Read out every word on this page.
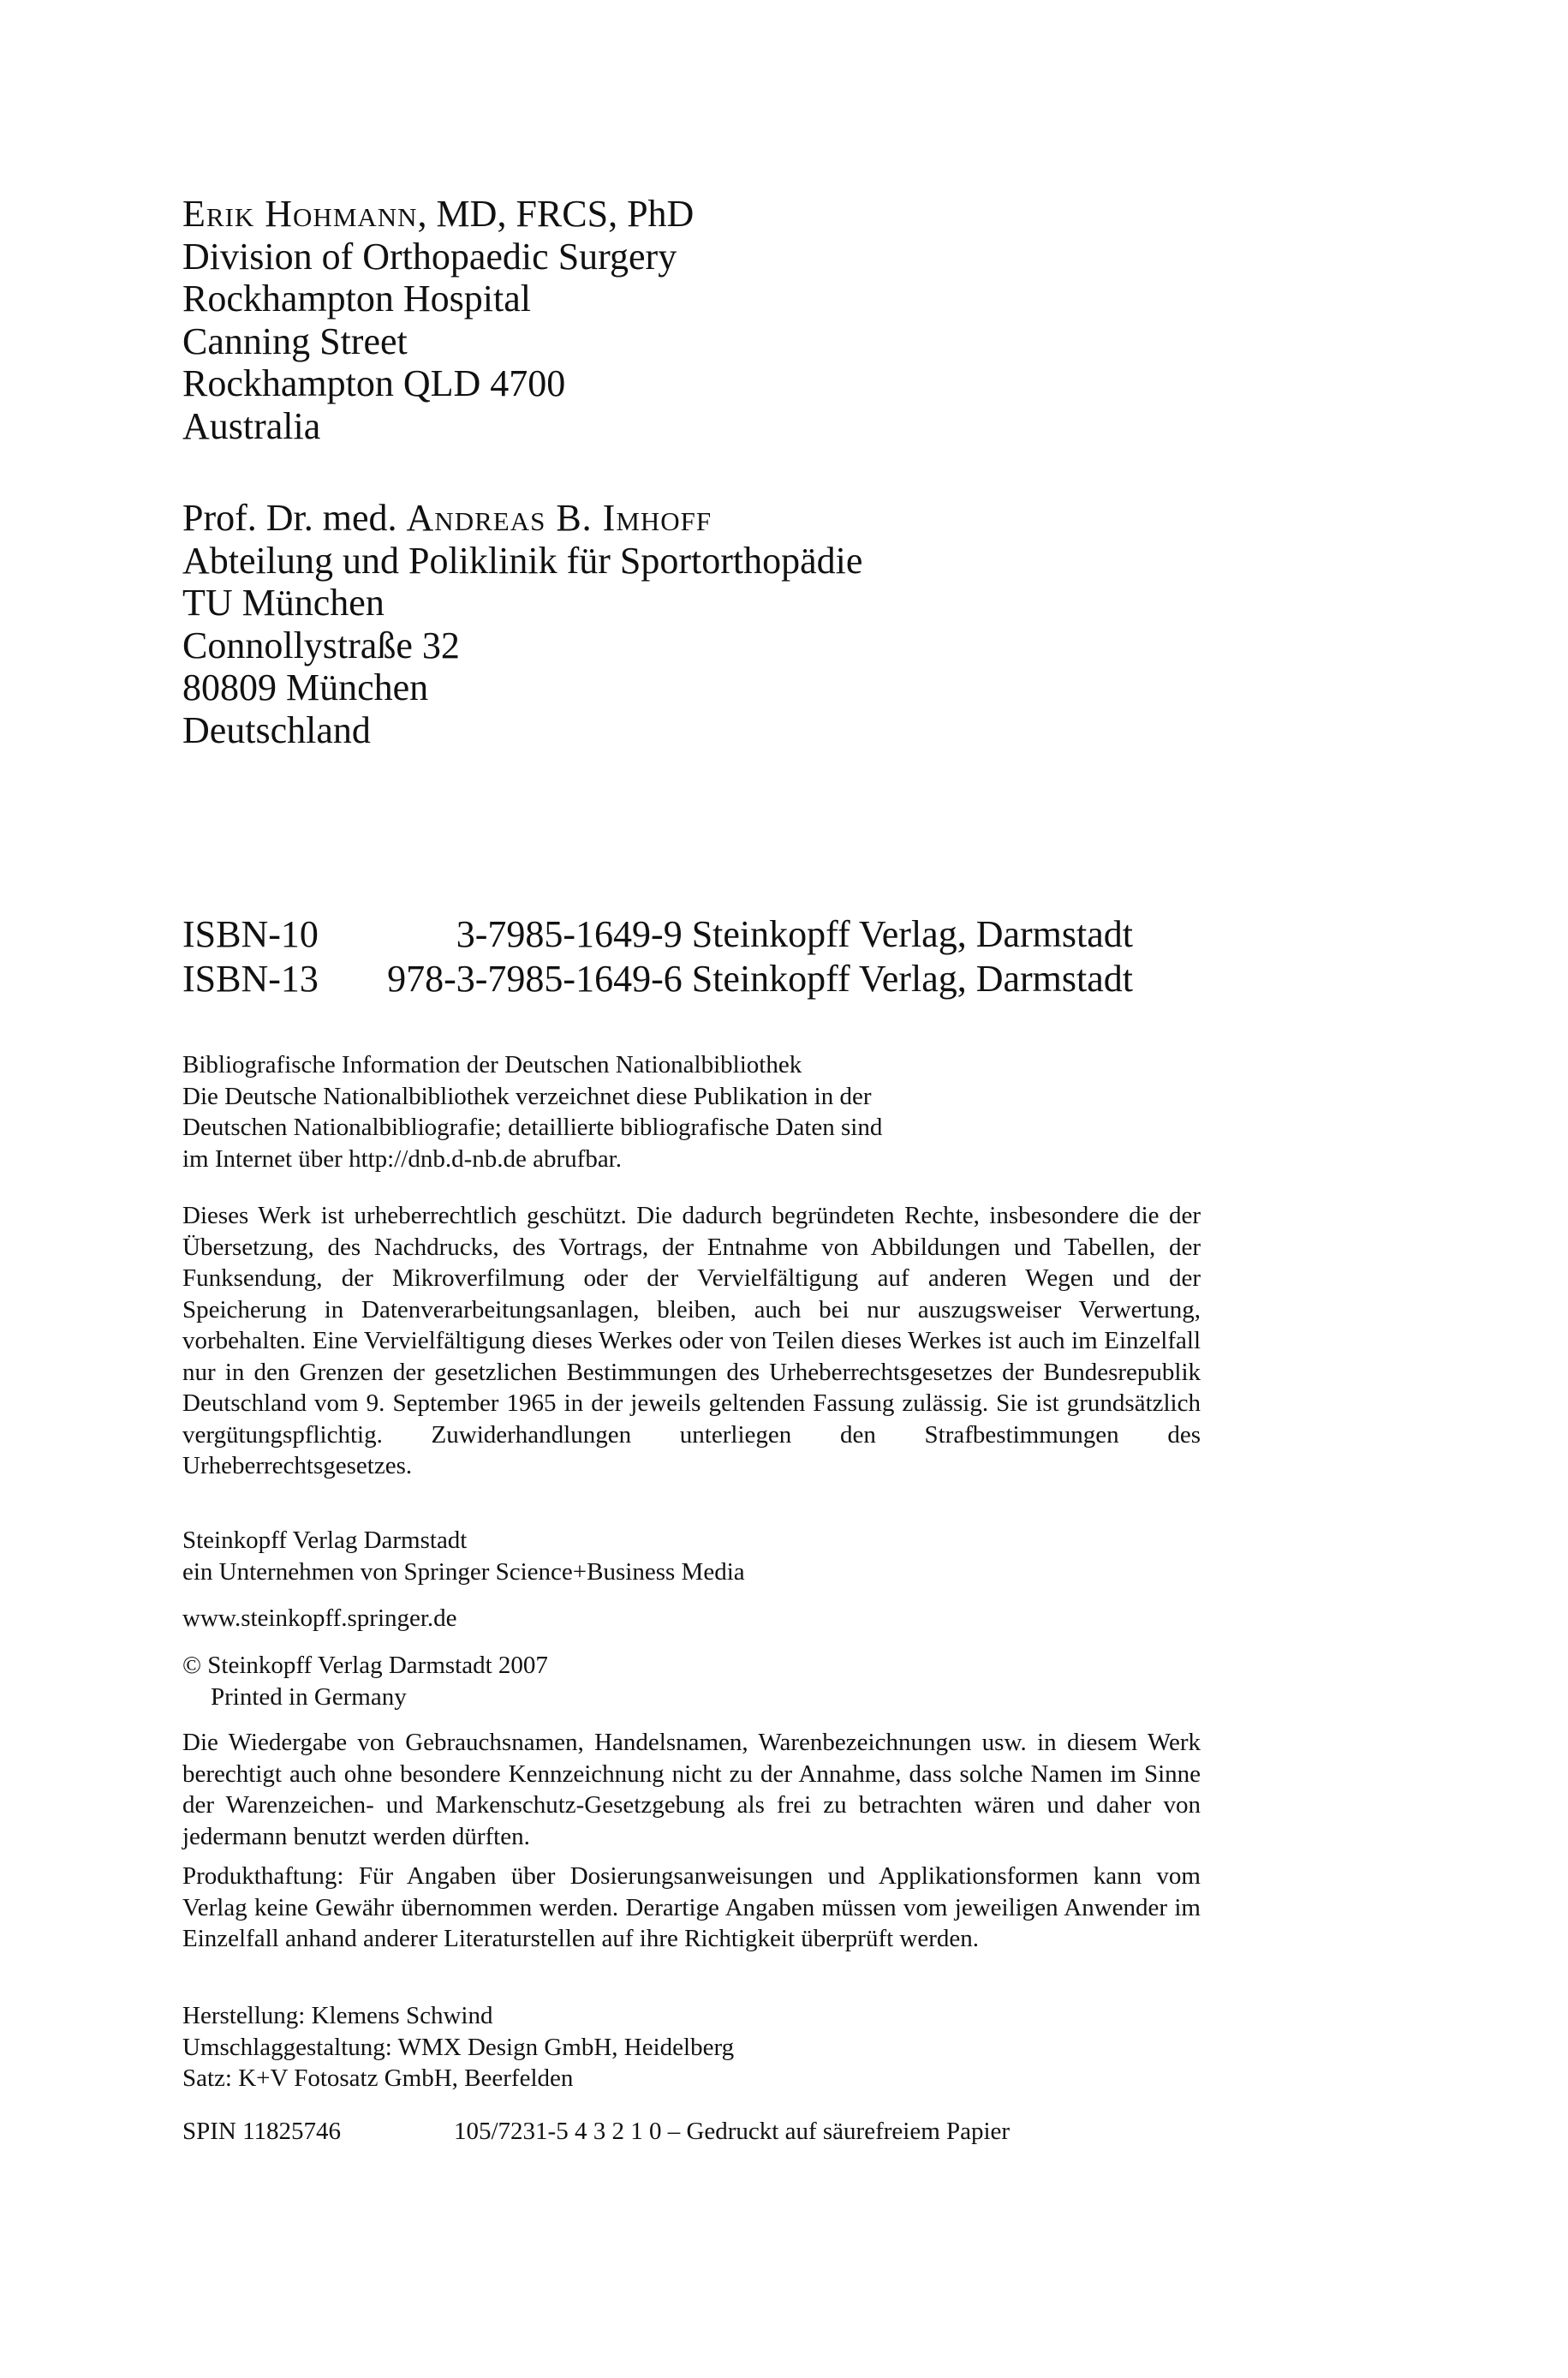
Erik Hohmann, MD, FRCS, PhD
Division of Orthopaedic Surgery
Rockhampton Hospital
Canning Street
Rockhampton QLD 4700
Australia
Prof. Dr. med. Andreas B. Imhoff
Abteilung und Poliklinik für Sportorthopädie
TU München
Connollystraße 32
80809 München
Deutschland
ISBN-10	3-7985-1649-9 Steinkopff Verlag, Darmstadt
ISBN-13 978-3-7985-1649-6 Steinkopff Verlag, Darmstadt

Bibliografische Information der Deutschen Nationalbibliothek

Die Deutsche Nationalbibliothek verzeichnet diese Publikation in der

Deutschen Nationalbibliografie; detaillierte bibliografische Daten sind

im Internet über http://dnb.d-nb.de abrufbar.

Dieses Werk ist urheberrechtlich geschützt. Die dadurch begründeten Rechte, insbesondere die der Übersetzung, des Nachdrucks, des Vortrags, der Entnahme von Abbildungen und Tabellen, der Funksendung, der Mikroverfilmung oder der Vervielfältigung auf anderen Wegen und der Speicherung in Datenverarbeitungsanlagen, bleiben, auch bei nur auszugsweiser Verwertung, vorbehalten. Eine Vervielfältigung dieses Werkes oder von Teilen dieses Werkes ist auch im Einzelfall nur in den Grenzen der gesetzlichen Bestimmungen des Urheberrechtsgesetzes der Bundesrepublik Deutschland vom 9. September 1965 in der jeweils geltenden Fassung zulässig. Sie ist grundsätzlich vergütungspflichtig. Zuwiderhandlungen unterliegen den Strafbestimmungen des Urheberrechtsgesetzes.

Steinkopff Verlag Darmstadt

ein Unternehmen von Springer Science+Business Media

www.steinkopff.springer.de

© Steinkopff Verlag Darmstadt 2007

Printed in Germany

Die Wiedergabe von Gebrauchsnamen, Handelsnamen, Warenbezeichnungen usw. in diesem Werk berechtigt auch ohne besondere Kennzeichnung nicht zu der Annahme, dass solche Namen im Sinne der Warenzeichen- und Markenschutz-Gesetzgebung als frei zu betrachten wären und daher von jedermann benutzt werden dürften.

Produkthaftung: Für Angaben über Dosierungsanweisungen und Applikationsformen kann vom Verlag keine Gewähr übernommen werden. Derartige Angaben müssen vom jeweiligen Anwender im Einzelfall anhand anderer Literaturstellen auf ihre Richtigkeit überprüft werden.

Herstellung: Klemens Schwind

Umschlaggestaltung: WMX Design GmbH, Heidelberg

Satz: K+V Fotosatz GmbH, Beerfelden

SPIN 11825746	105/7231-5 4 3 2 1 0 – Gedruckt auf säurefreiem Papier
